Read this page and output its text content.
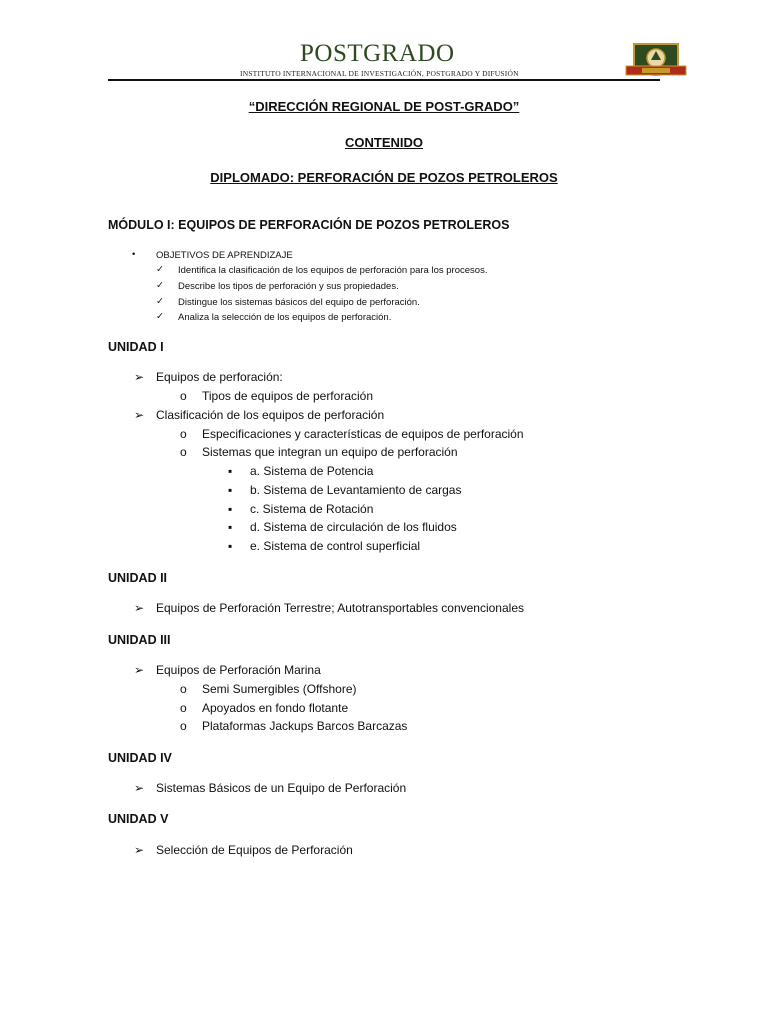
POSTGRADO
INSTITUTO INTERNACIONAL DE INVESTIGACIÓN, POSTGRADO Y DIFUSIÓN
“DIRECCIÓN REGIONAL DE POST-GRADO”
CONTENIDO
DIPLOMADO: PERFORACIÓN DE POZOS PETROLEROS
MÓDULO I: EQUIPOS DE PERFORACIÓN DE POZOS PETROLEROS
• OBJETIVOS DE APRENDIZAJE
✓ Identifica la clasificación de los equipos de perforación para los procesos.
✓ Describe los tipos de perforación y sus propiedades.
✓ Distingue los sistemas básicos del equipo de perforación.
✓ Analiza la selección de los equipos de perforación.
UNIDAD I
➢ Equipos de perforación:
o Tipos de equipos de perforación
➢ Clasificación de los equipos de perforación
o Especificaciones y características de equipos de perforación
o Sistemas que integran un equipo de perforación
▪ a. Sistema de Potencia
▪ b. Sistema de Levantamiento de cargas
▪ c. Sistema de Rotación
▪ d. Sistema de circulación de los fluidos
▪ e. Sistema de control superficial
UNIDAD II
➢ Equipos de Perforación Terrestre; Autotransportables convencionales
UNIDAD III
➢ Equipos de Perforación Marina
o Semi Sumergibles (Offshore)
o Apoyados en fondo flotante
o Plataformas Jackups Barcos Barcazas
UNIDAD IV
➢ Sistemas Básicos de un Equipo de Perforación
UNIDAD V
➢ Selección de Equipos de Perforación
